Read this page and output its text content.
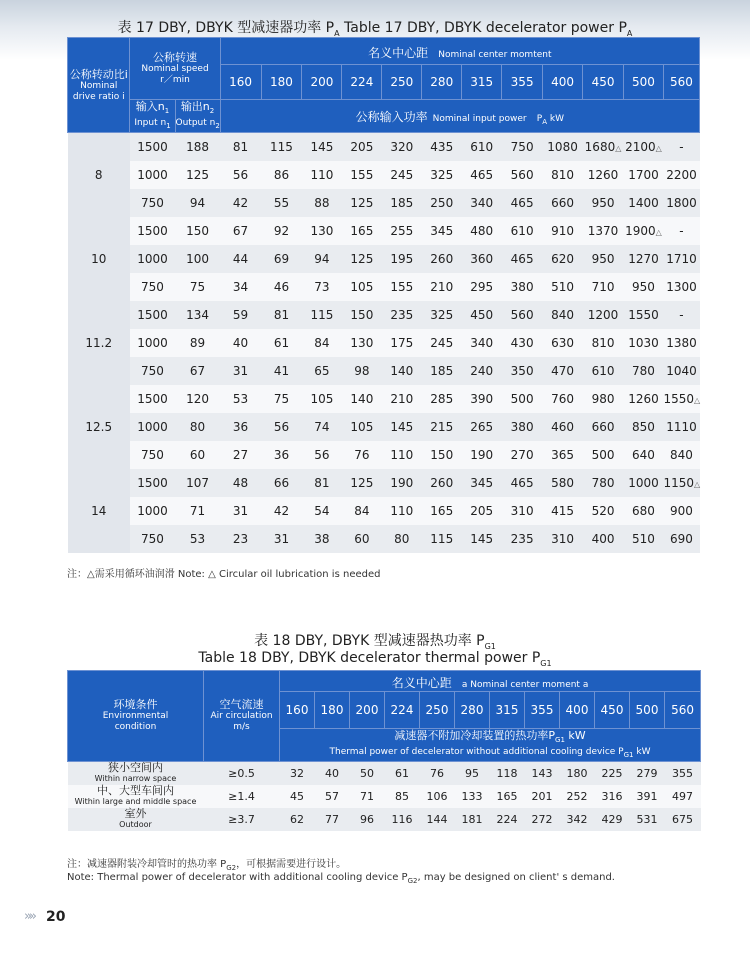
表 17 DBY, DBYK 型减速器功率 $P_A$ Table 17 DBY, DBYK decelerator power $P_A$
公称转动比i
Nominal drive ratio i	公称转速
Nominal speed
r／min		名义中心距 Nominal center momtent											
			160	180	200	224	250	280	315	355	400	450	500	560

	输入$n_1$
Input $n_1$	输出$n_2$
Output $n_2$	公称输入功率 Nominal input power $P_A$ kW											
8	1500	188	81	115	145	205	320	435	610	750	1080	1680△	2100△	-
	1000	125	56	86	110	155	245	325	465	560	810	1260	1700	2200
	750	94	42	55	88	125	185	250	340	465	660	950	1400	1800
10	1500	150	67	92	130	165	255	345	480	610	910	1370	1900△	-
	1000	100	44	69	94	125	195	260	360	465	620	950	1270	1710
	750	75	34	46	73	105	155	210	295	380	510	710	950	1300
11.2	1500	134	59	81	115	150	235	325	450	560	840	1200	1550	-
	1000	89	40	61	84	130	175	245	340	430	630	810	1030	1380
	750	67	31	41	65	98	140	185	240	350	470	610	780	1040
12.5	1500	120	53	75	105	140	210	285	390	500	760	980	1260	1550△
	1000	80	36	56	74	105	145	215	265	380	460	660	850	1110
	750	60	27	36	56	76	110	150	190	270	365	500	640	840
14	1500	107	48	66	81	125	190	260	345	465	580	780	1000	1150△
	1000	71	31	42	54	84	110	165	205	310	415	520	680	900
	750	53	23	31	38	60	80	115	145	235	310	400	510	690
注：△需采用循环油润滑 Note: △ Circular oil lubrication is needed
表 18 DBY, DBYK 型减速器热功率 $P_{G1}$
Table 18 DBY, DBYK decelerator thermal power $P_{G1}$
环境条件
Environmental condition	空气流速
Air circulation
m/s	名义中心距 a Nominal center moment a											
		160	180	200	224	250	280	315	355	400	450	500	560

		减速器不附加冷却装置的热功率$P_{G1}$ kW
Thermal power of decelerator without additional cooling device $P_{G1}$ kW											

狭小空间内
Within narrow space	≥0.5	32	40	50	61	76	95	118	143	180	225	279	355

中、大型车间内
Within large and middle space	≥1.4	45	57	71	85	106	133	165	201	252	316	391	497

室外
Outdoor	≥3.7	62	77	96	116	144	181	224	272	342	429	531	675
注：减速器附装冷却管时的热功率 $P_{G2}$，可根据需要进行设计。
Note: Thermal power of decelerator with additional cooling device $P_{G2}$, may be designed on client' s demand.
»» 20
